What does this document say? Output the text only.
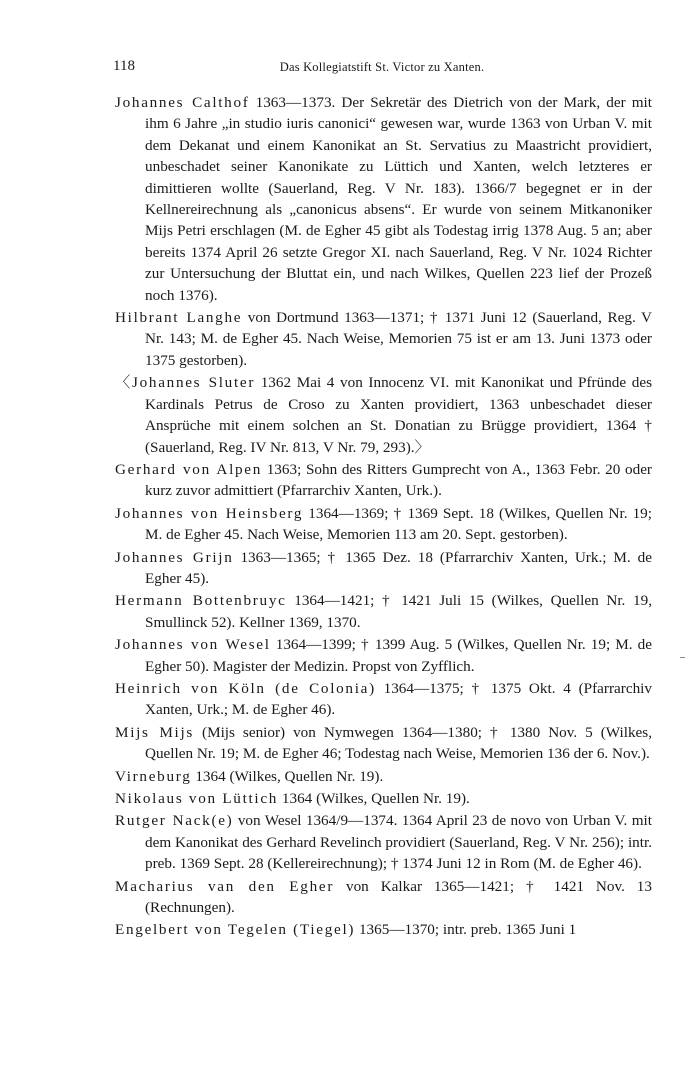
118	Das Kollegiatstift St. Victor zu Xanten.

Johannes Calthof 1363—1373. Der Sekretär des Dietrich von der Mark, der mit ihm 6 Jahre „in studio iuris canonici“ gewesen war, wurde 1363 von Urban V. mit dem Dekanat und einem Kanonikat an St. Servatius zu Maastricht providiert, unbeschadet seiner Kanonikate zu Lüttich und Xanten, welch letzteres er dimittieren wollte (Sauerland, Reg. V Nr. 183). 1366/7 begegnet er in der Kellnereirechnung als „canonicus absens“. Er wurde von seinem Mitkanoniker Mijs Petri erschlagen (M. de Egher 45 gibt als Todestag irrig 1378 Aug. 5 an; aber bereits 1374 April 26 setzte Gregor XI. nach Sauerland, Reg. V Nr. 1024 Richter zur Untersuchung der Bluttat ein, und nach Wilkes, Quellen 223 lief der Prozeß noch 1376).

Hilbrant Langhe von Dortmund 1363—1371; † 1371 Juni 12 (Sauerland, Reg. V Nr. 143; M. de Egher 45. Nach Weise, Memorien 75 ist er am 13. Juni 1373 oder 1375 gestorben).

〈Johannes Sluter 1362 Mai 4 von Innocenz VI. mit Kanonikat und Pfründe des Kardinals Petrus de Croso zu Xanten providiert, 1363 unbeschadet dieser Ansprüche mit einem solchen an St. Donatian zu Brügge providiert, 1364 † (Sauerland, Reg. IV Nr. 813, V Nr. 79, 293).〉

Gerhard von Alpen 1363; Sohn des Ritters Gumprecht von A., 1363 Febr. 20 oder kurz zuvor admittiert (Pfarrarchiv Xanten, Urk.).

Johannes von Heinsberg 1364—1369; † 1369 Sept. 18 (Wilkes, Quellen Nr. 19; M. de Egher 45. Nach Weise, Memorien 113 am 20. Sept. gestorben).

Johannes Grijn 1363—1365; † 1365 Dez. 18 (Pfarrarchiv Xanten, Urk.; M. de Egher 45).

Hermann Bottenbruyc 1364—1421; † 1421 Juli 15 (Wilkes, Quellen Nr. 19, Smullinck 52). Kellner 1369, 1370.

Johannes von Wesel 1364—1399; † 1399 Aug. 5 (Wilkes, Quellen Nr. 19; M. de Egher 50). Magister der Medizin. Propst von Zyfflich.

Heinrich von Köln (de Colonia) 1364—1375; † 1375 Okt. 4 (Pfarrarchiv Xanten, Urk.; M. de Egher 46).

Mijs Mijs (Mijs senior) von Nymwegen 1364—1380; † 1380 Nov. 5 (Wilkes, Quellen Nr. 19; M. de Egher 46; Todestag nach Weise, Memorien 136 der 6. Nov.).

Virneburg 1364 (Wilkes, Quellen Nr. 19).

Nikolaus von Lüttich 1364 (Wilkes, Quellen Nr. 19).

Rutger Nack(e) von Wesel 1364/9—1374. 1364 April 23 de novo von Urban V. mit dem Kanonikat des Gerhard Revelinch providiert (Sauerland, Reg. V Nr. 256); intr. preb. 1369 Sept. 28 (Kellereirechnung); † 1374 Juni 12 in Rom (M. de Egher 46).

Macharius van den Egher von Kalkar 1365—1421; † 1421 Nov. 13 (Rechnungen).

Engelbert von Tegelen (Tiegel) 1365—1370; intr. preb. 1365 Juni 1
